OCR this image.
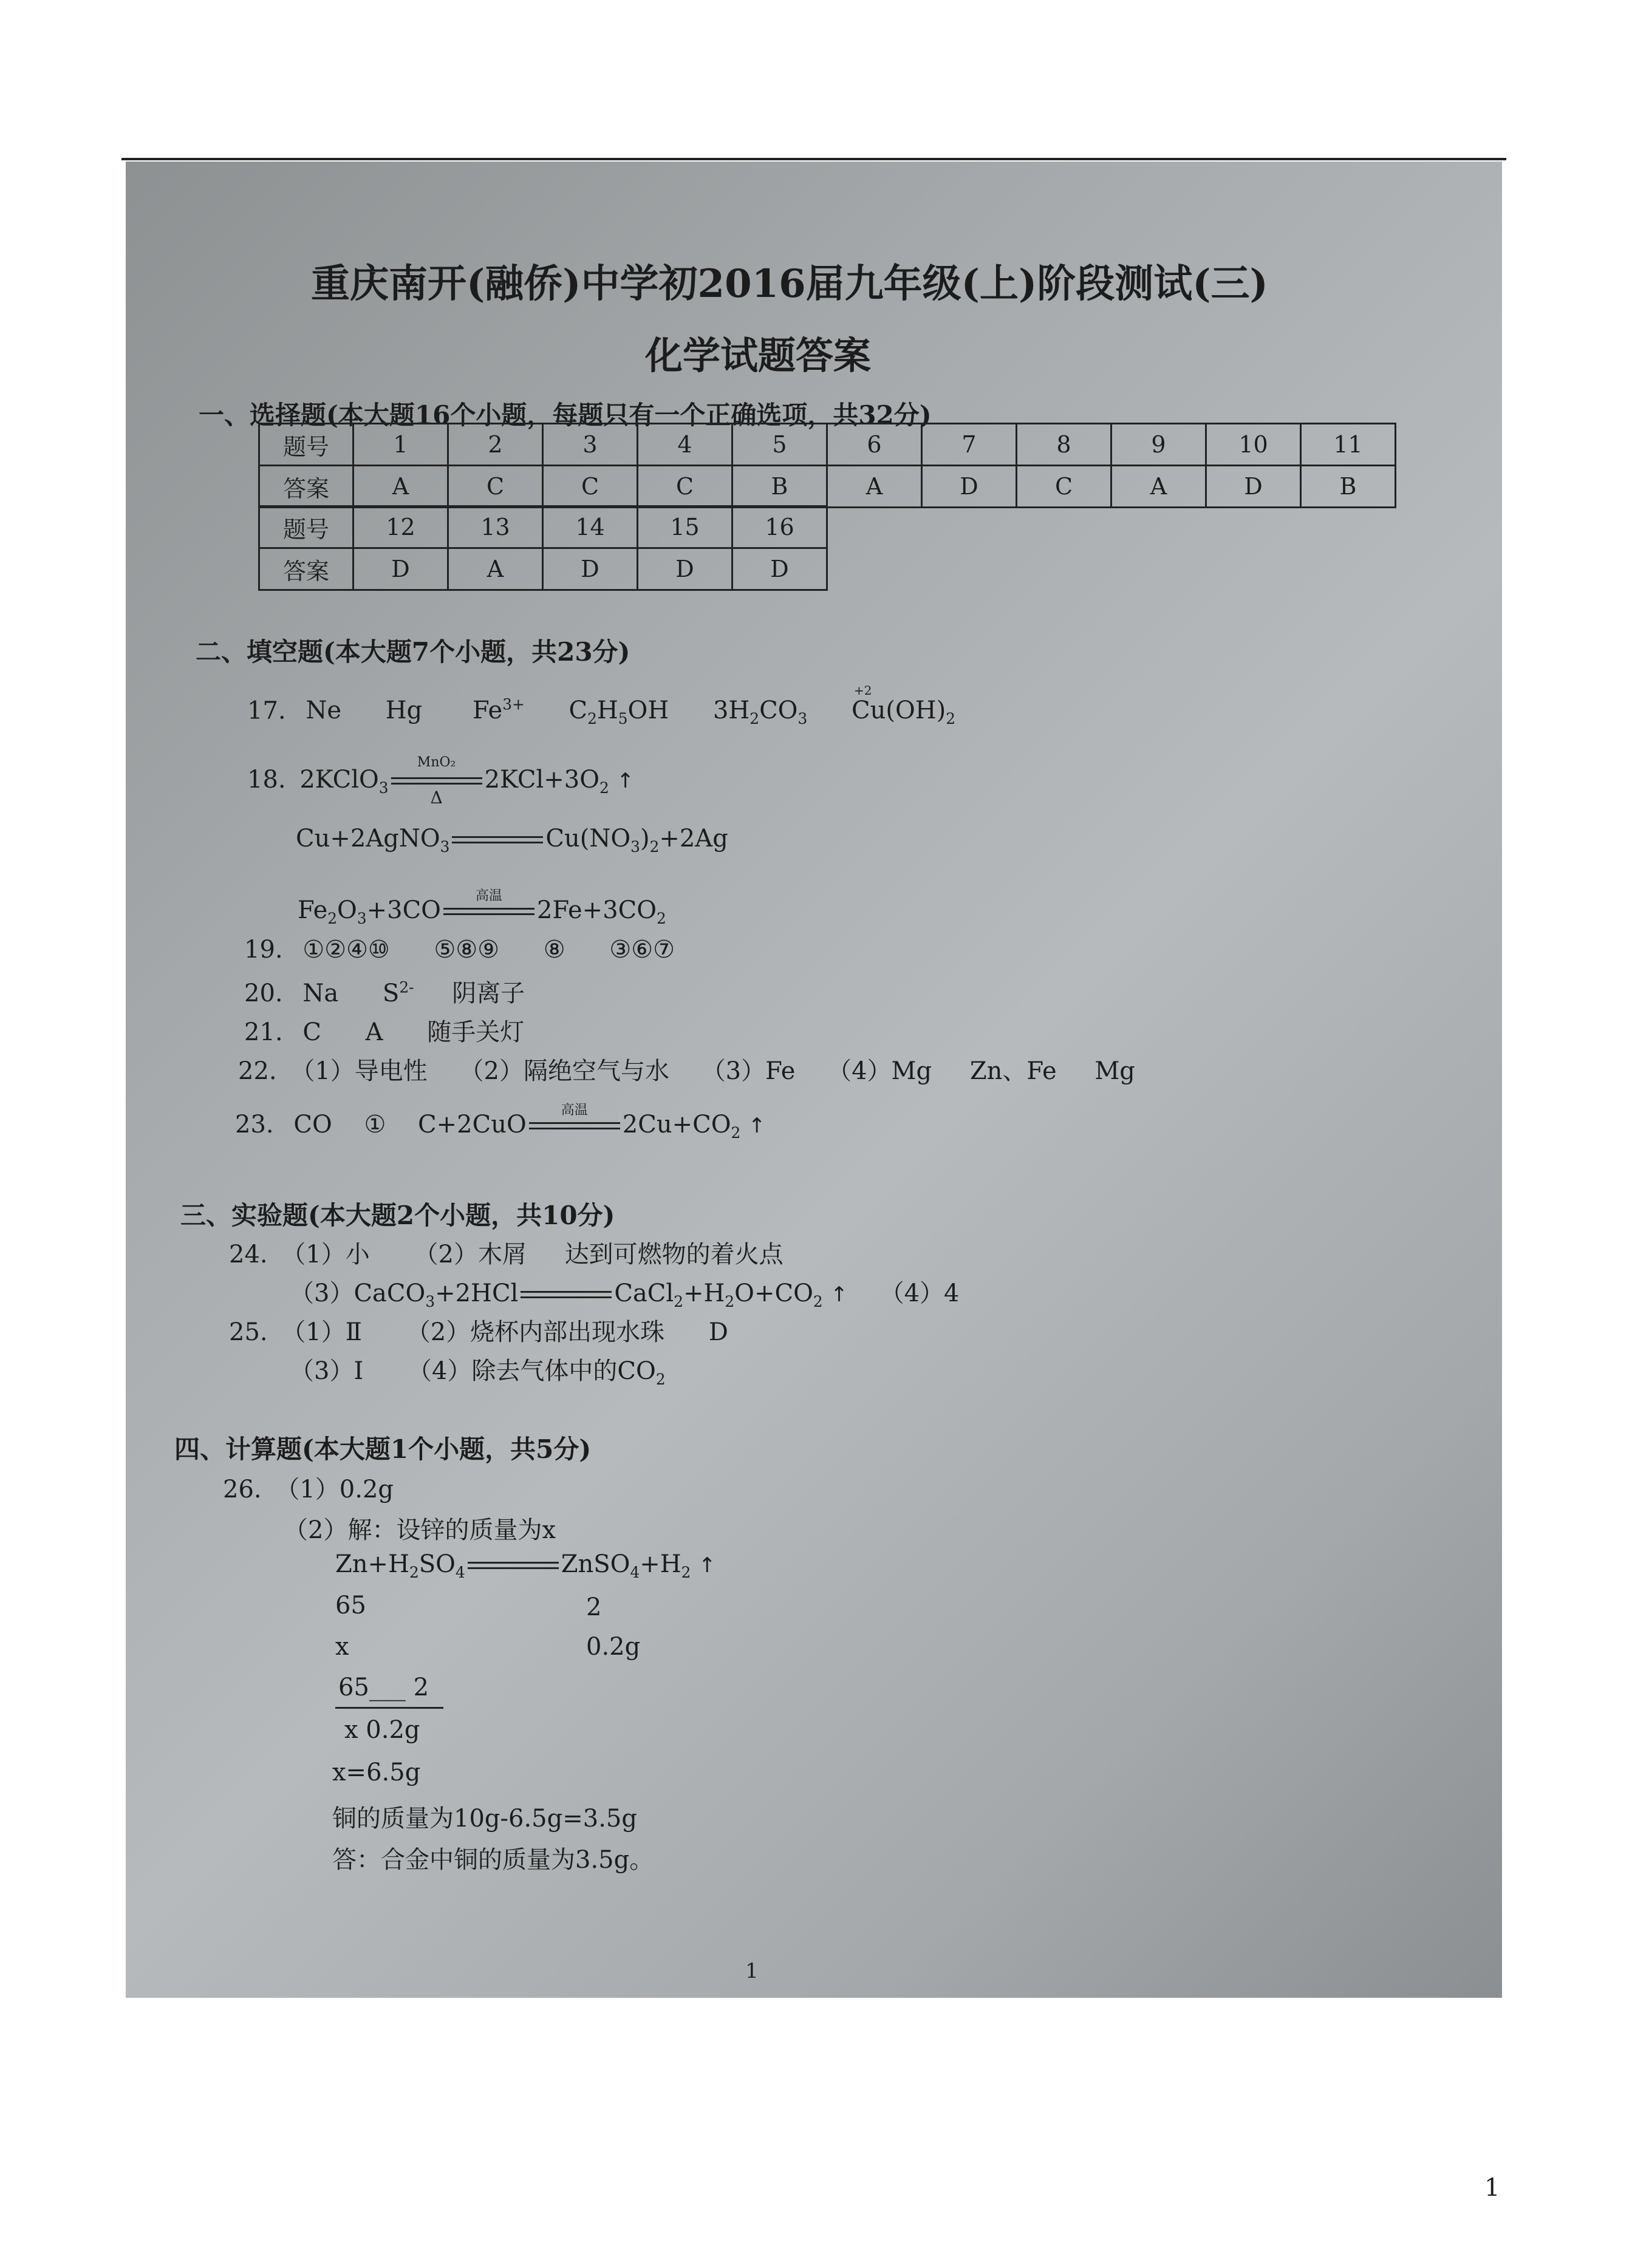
重庆南开(融侨)中学初2016届九年级(上)阶段测试(三)
化学试题答案
一、选择题(本大题16个小题，每题只有一个正确选项，共32分)
题号	1	2	3	4	5	6	7	8	9	10	11
答案	A	C	C	C	B	A	D	C	A	D	B
题号	12	13	14	15	16
答案	D	A	D	D	D
二、填空题(本大题7个小题，共23分)
17. Ne Hg $Fe^{3+}$ $C_2H_5OH$ $3H_2CO_3$
+2
$Cu(OH)_2$
18. 2KClO$_3$
MnO₂
Δ
$2KCl+3O_2$ ↑
Cu+2AgNO$_3$	$Cu(NO_3)_2+2Ag$
$Fe_2O_3+3CO$
高温
$2Fe+3CO_2$
19. ①②④⑩ ⑤⑧⑨ ⑧ ③⑥⑦
20. Na $S^{2-}$ 阴离子
21. C A 随手关灯
22. （1）导电性 （2）隔绝空气与水 （3）Fe （4）Mg Zn、Fe Mg
23. CO ① C+2CuO
高温
$2Cu+CO_2$ ↑
三、实验题(本大题2个小题，共10分)
24. （1）小 （2）木屑 达到可燃物的着火点
（3）CaCO$_3$+2HCl	$CaCl_2+H_2O+CO_2$ ↑ （4）4
25. （1）Ⅱ （2）烧杯内部出现水珠 D
（3）Ⅰ （4）除去气体中的$CO_2$
四、计算题(本大题1个小题，共5分)
26. （1）0.2g
（2）解：设锌的质量为x
$Zn+H_2SO_4$	$ZnSO_4+H_2$ ↑
65	2
x	0.2g
65___ 2
x 0.2g
x=6.5g
铜的质量为10g-6.5g=3.5g
答：合金中铜的质量为3.5g。
1
1
